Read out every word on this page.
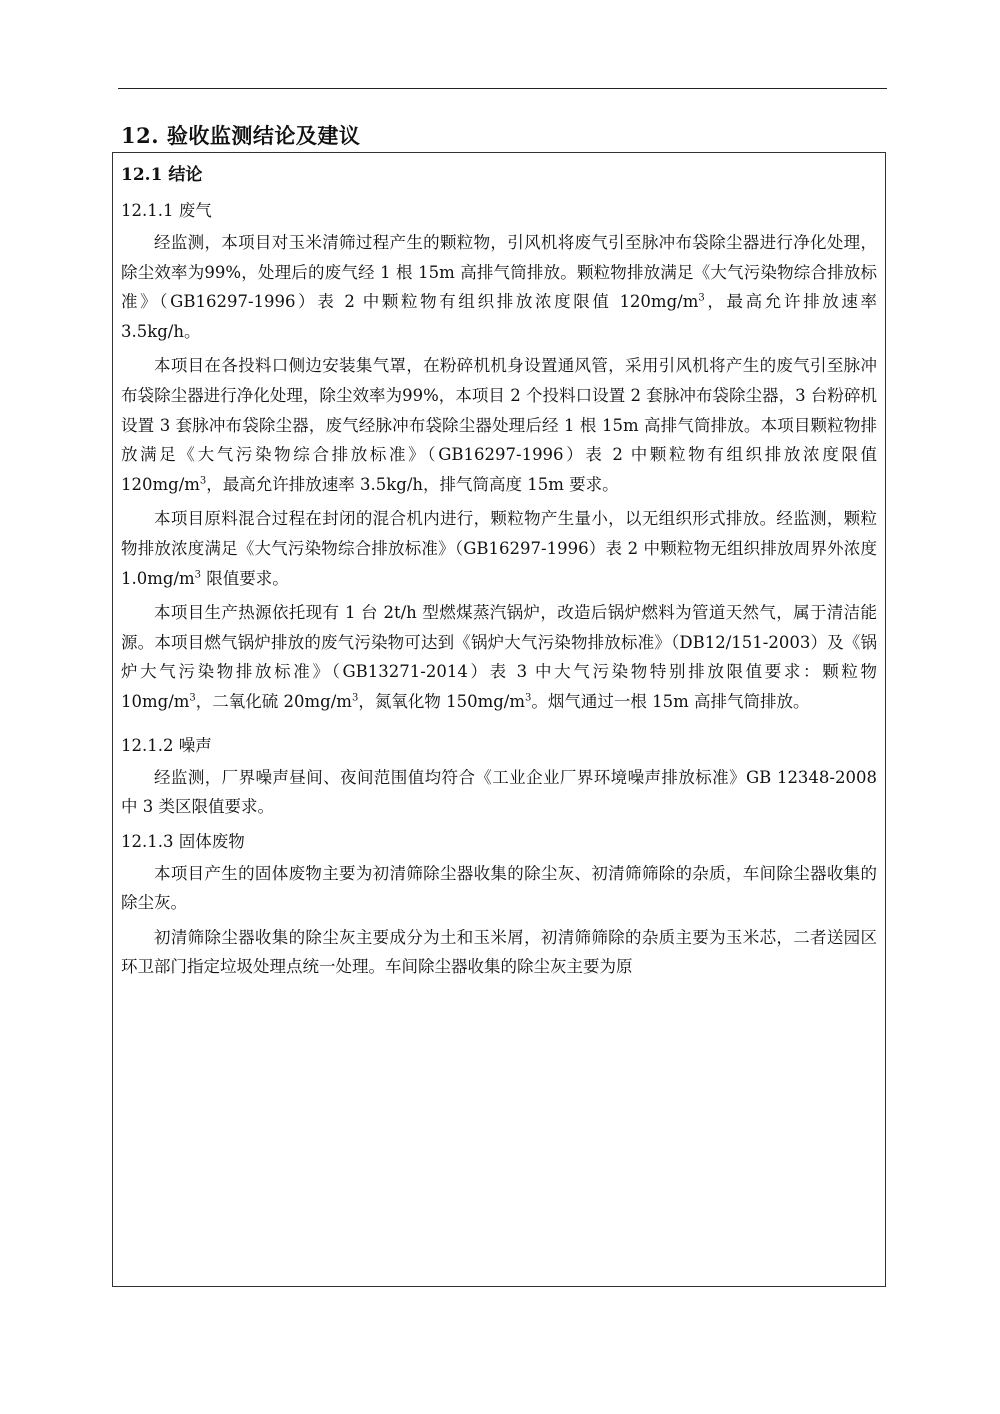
12. 验收监测结论及建议
12.1 结论
12.1.1 废气

经监测，本项目对玉米清筛过程产生的颗粒物，引风机将废气引至脉冲布袋除尘器进行净化处理，除尘效率为99%，处理后的废气经 1 根 15m 高排气筒排放。颗粒物排放满足《大气污染物综合排放标准》（GB16297-1996）表 2 中颗粒物有组织排放浓度限值 $120mg/m^3$，最高允许排放速率 3.5kg/h。

本项目在各投料口侧边安装集气罩，在粉碎机机身设置通风管，采用引风机将产生的废气引至脉冲布袋除尘器进行净化处理，除尘效率为99%，本项目 2 个投料口设置 2 套脉冲布袋除尘器，3 台粉碎机设置 3 套脉冲布袋除尘器，废气经脉冲布袋除尘器处理后经 1 根 15m 高排气筒排放。本项目颗粒物排放满足《大气污染物综合排放标准》（GB16297-1996）表 2 中颗粒物有组织排放浓度限值 $120mg/m^3$，最高允许排放速率 3.5kg/h，排气筒高度 15m 要求。

本项目原料混合过程在封闭的混合机内进行，颗粒物产生量小，以无组织形式排放。经监测，颗粒物排放浓度满足《大气污染物综合排放标准》（GB16297-1996）表 2 中颗粒物无组织排放周界外浓度 $1.0mg/m^3$ 限值要求。

本项目生产热源依托现有 1 台 2t/h 型燃煤蒸汽锅炉，改造后锅炉燃料为管道天然气，属于清洁能源。本项目燃气锅炉排放的废气污染物可达到《锅炉大气污染物排放标准》（DB12/151-2003）及《锅炉大气污染物排放标准》（GB13271-2014）表 3 中大气污染物特别排放限值要求：颗粒物 $10mg/m^3$，二氧化硫 $20mg/m^3$，氮氧化物 $150mg/m^3$。烟气通过一根 15m 高排气筒排放。

12.1.2 噪声

经监测，厂界噪声昼间、夜间范围值均符合《工业企业厂界环境噪声排放标准》GB 12348-2008 中 3 类区限值要求。

12.1.3 固体废物

本项目产生的固体废物主要为初清筛除尘器收集的除尘灰、初清筛筛除的杂质，车间除尘器收集的除尘灰。

初清筛除尘器收集的除尘灰主要成分为土和玉米屑，初清筛筛除的杂质主要为玉米芯，二者送园区环卫部门指定垃圾处理点统一处理。车间除尘器收集的除尘灰主要为原
